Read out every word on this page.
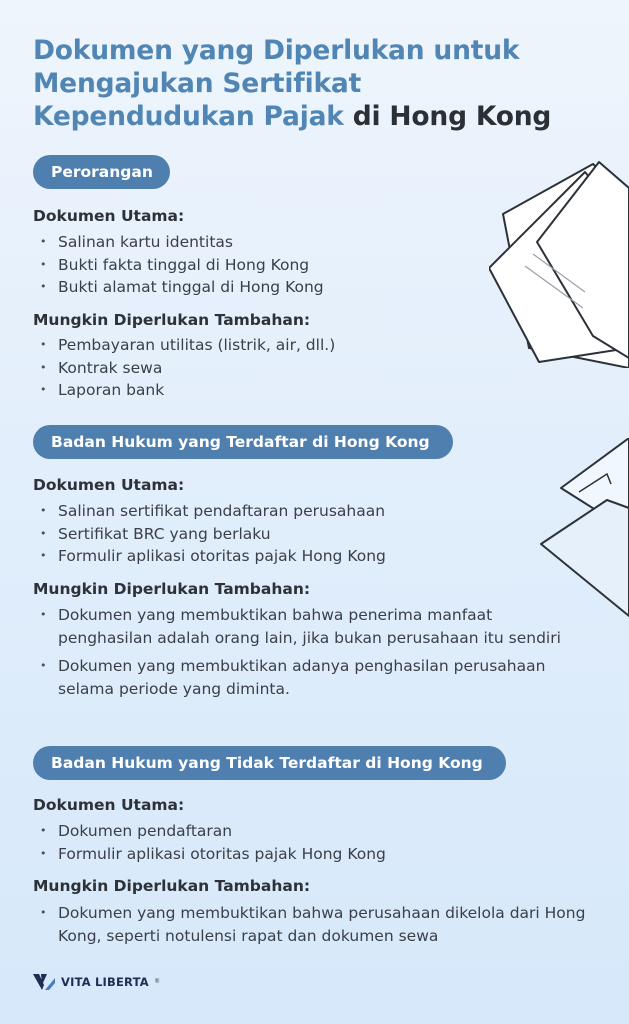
Dokumen yang Diperlukan untuk
Mengajukan Sertifikat
Kependudukan Pajak di Hong Kong
Perorangan
Dokumen Utama:
• Salinan kartu identitas
• Bukti fakta tinggal di Hong Kong
• Bukti alamat tinggal di Hong Kong
Mungkin Diperlukan Tambahan:
• Pembayaran utilitas (listrik, air, dll.)
• Kontrak sewa
• Laporan bank
Badan Hukum yang Terdaftar di Hong Kong
Dokumen Utama:
• Salinan sertifikat pendaftaran perusahaan
• Sertifikat BRC yang berlaku
• Formulir aplikasi otoritas pajak Hong Kong
Mungkin Diperlukan Tambahan:
• Dokumen yang membuktikan bahwa penerima manfaat penghasilan adalah orang lain, jika bukan perusahaan itu sendiri
• Dokumen yang membuktikan adanya penghasilan perusahaan selama periode yang diminta.
Badan Hukum yang Tidak Terdaftar di Hong Kong
Dokumen Utama:
• Dokumen pendaftaran
• Formulir aplikasi otoritas pajak Hong Kong
Mungkin Diperlukan Tambahan:
• Dokumen yang membuktikan bahwa perusahaan dikelola dari Hong Kong, seperti notulensi rapat dan dokumen sewa
VITA LIBERTA ®
